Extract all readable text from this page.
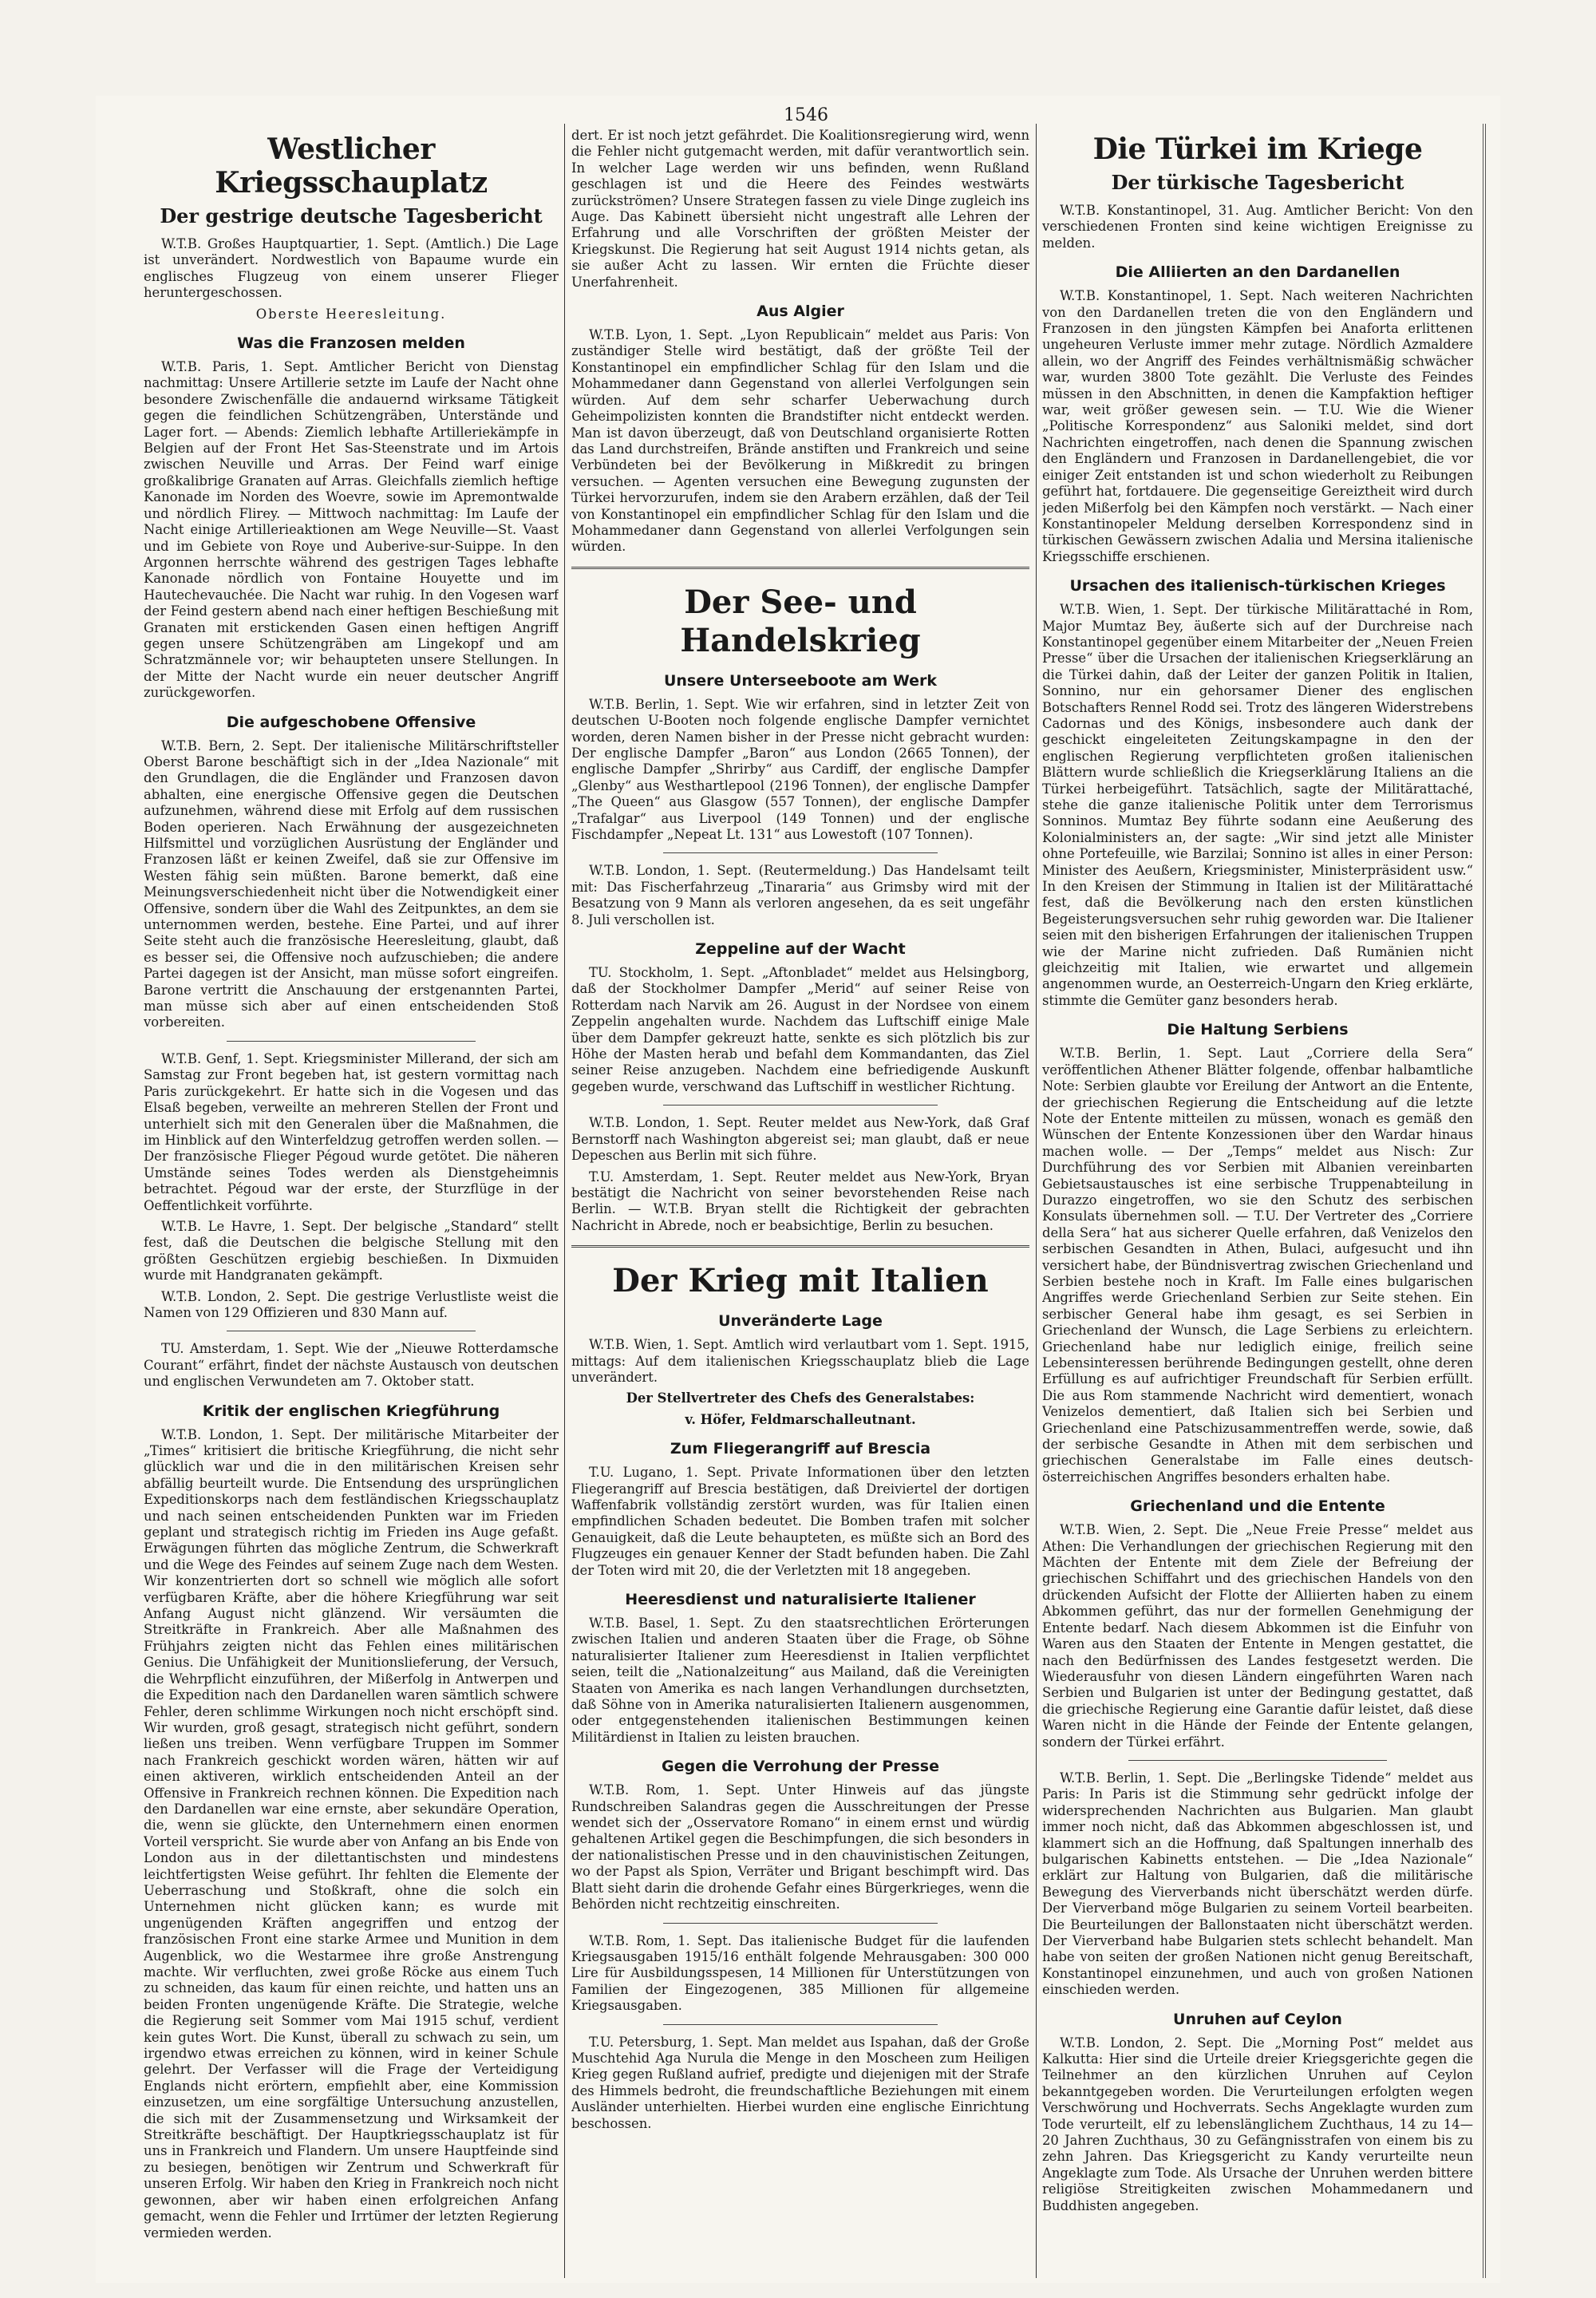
1546
Westlicher Kriegsschauplatz
Der gestrige deutsche Tagesbericht

W.T.B. Großes Hauptquartier, 1. Sept. (Amtlich.) Die Lage ist unverändert. Nordwestlich von Bapaume wurde ein englisches Flugzeug von einem unserer Flieger heruntergeschossen.

Oberste Heeresleitung.

Was die Franzosen melden

W.T.B. Paris, 1. Sept. Amtlicher Bericht von Dienstag nachmittag: Unsere Artillerie setzte im Laufe der Nacht ohne besondere Zwischenfälle die andauernd wirksame Tätigkeit gegen die feindlichen Schützengräben, Unterstände und Lager fort. — Abends: Ziemlich lebhafte Artilleriekämpfe in Belgien auf der Front Het Sas-Steenstrate und im Artois zwischen Neuville und Arras. Der Feind warf einige großkalibrige Granaten auf Arras. Gleichfalls ziemlich heftige Kanonade im Norden des Woevre, sowie im Apremontwalde und nördlich Flirey. — Mittwoch nachmittag: Im Laufe der Nacht einige Artillerieaktionen am Wege Neuville—St. Vaast und im Gebiete von Roye und Auberive-sur-Suippe. In den Argonnen herrschte während des gestrigen Tages lebhafte Kanonade nördlich von Fontaine Houyette und im Hautechevauchée. Die Nacht war ruhig. In den Vogesen warf der Feind gestern abend nach einer heftigen Beschießung mit Granaten mit erstickenden Gasen einen heftigen Angriff gegen unsere Schützengräben am Lingekopf und am Schratzmännele vor; wir behaupteten unsere Stellungen. In der Mitte der Nacht wurde ein neuer deutscher Angriff zurückgeworfen.

Die aufgeschobene Offensive

W.T.B. Bern, 2. Sept. Der italienische Militärschriftsteller Oberst Barone beschäftigt sich in der „Idea Nazionale“ mit den Grundlagen, die die Engländer und Franzosen davon abhalten, eine energische Offensive gegen die Deutschen aufzunehmen, während diese mit Erfolg auf dem russischen Boden operieren. Nach Erwähnung der ausgezeichneten Hilfsmittel und vorzüglichen Ausrüstung der Engländer und Franzosen läßt er keinen Zweifel, daß sie zur Offensive im Westen fähig sein müßten. Barone bemerkt, daß eine Meinungsverschiedenheit nicht über die Notwendigkeit einer Offensive, sondern über die Wahl des Zeitpunktes, an dem sie unternommen werden, bestehe. Eine Partei, und auf ihrer Seite steht auch die französische Heeresleitung, glaubt, daß es besser sei, die Offensive noch aufzuschieben; die andere Partei dagegen ist der Ansicht, man müsse sofort eingreifen. Barone vertritt die Anschauung der erstgenannten Partei, man müsse sich aber auf einen entscheidenden Stoß vorbereiten.

W.T.B. Genf, 1. Sept. Kriegsminister Millerand, der sich am Samstag zur Front begeben hat, ist gestern vormittag nach Paris zurückgekehrt. Er hatte sich in die Vogesen und das Elsaß begeben, verweilte an mehreren Stellen der Front und unterhielt sich mit den Generalen über die Maßnahmen, die im Hinblick auf den Winterfeldzug getroffen werden sollen. — Der französische Flieger Pégoud wurde getötet. Die näheren Umstände seines Todes werden als Dienstgeheimnis betrachtet. Pégoud war der erste, der Sturzflüge in der Oeffentlichkeit vorführte.

W.T.B. Le Havre, 1. Sept. Der belgische „Standard“ stellt fest, daß die Deutschen die belgische Stellung mit den größten Geschützen ergiebig beschießen. In Dixmuiden wurde mit Handgranaten gekämpft.

W.T.B. London, 2. Sept. Die gestrige Verlustliste weist die Namen von 129 Offizieren und 830 Mann auf.

TU. Amsterdam, 1. Sept. Wie der „Nieuwe Rotterdamsche Courant“ erfährt, findet der nächste Austausch von deutschen und englischen Verwundeten am 7. Oktober statt.

Kritik der englischen Kriegführung

W.T.B. London, 1. Sept. Der militärische Mitarbeiter der „Times“ kritisiert die britische Kriegführung, die nicht sehr glücklich war und die in den militärischen Kreisen sehr abfällig beurteilt wurde. Die Entsendung des ursprünglichen Expeditionskorps nach dem festländischen Kriegsschauplatz und nach seinen entscheidenden Punkten war im Frieden geplant und strategisch richtig im Frieden ins Auge gefaßt. Erwägungen führten das mögliche Zentrum, die Schwerkraft und die Wege des Feindes auf seinem Zuge nach dem Westen. Wir konzentrierten dort so schnell wie möglich alle sofort verfügbaren Kräfte, aber die höhere Kriegführung war seit Anfang August nicht glänzend. Wir versäumten die Streitkräfte in Frankreich. Aber alle Maßnahmen des Frühjahrs zeigten nicht das Fehlen eines militärischen Genius. Die Unfähigkeit der Munitionslieferung, der Versuch, die Wehrpflicht einzuführen, der Mißerfolg in Antwerpen und die Expedition nach den Dardanellen waren sämtlich schwere Fehler, deren schlimme Wirkungen noch nicht erschöpft sind. Wir wurden, groß gesagt, strategisch nicht geführt, sondern ließen uns treiben. Wenn verfügbare Truppen im Sommer nach Frankreich geschickt worden wären, hätten wir auf einen aktiveren, wirklich entscheidenden Anteil an der Offensive in Frankreich rechnen können. Die Expedition nach den Dardanellen war eine ernste, aber sekundäre Operation, die, wenn sie glückte, den Unternehmern einen enormen Vorteil verspricht. Sie wurde aber von Anfang an bis Ende von London aus in der dilettantischsten und mindestens leichtfertigsten Weise geführt. Ihr fehlten die Elemente der Ueberraschung und Stoßkraft, ohne die solch ein Unternehmen nicht glücken kann; es wurde mit ungenügenden Kräften angegriffen und entzog der französischen Front eine starke Armee und Munition in dem Augenblick, wo die Westarmee ihre große Anstrengung machte. Wir verfluchten, zwei große Röcke aus einem Tuch zu schneiden, das kaum für einen reichte, und hatten uns an beiden Fronten ungenügende Kräfte. Die Strategie, welche die Regierung seit Sommer vom Mai 1915 schuf, verdient kein gutes Wort. Die Kunst, überall zu schwach zu sein, um irgendwo etwas erreichen zu können, wird in keiner Schule gelehrt. Der Verfasser will die Frage der Verteidigung Englands nicht erörtern, empfiehlt aber, eine Kommission einzusetzen, um eine sorgfältige Untersuchung anzustellen, die sich mit der Zusammensetzung und Wirksamkeit der Streitkräfte beschäftigt. Der Hauptkriegsschauplatz ist für uns in Frankreich und Flandern. Um unsere Hauptfeinde sind zu besiegen, benötigen wir Zentrum und Schwerkraft für unseren Erfolg. Wir haben den Krieg in Frankreich noch nicht gewonnen, aber wir haben einen erfolgreichen Anfang gemacht, wenn die Fehler und Irrtümer der letzten Regierung vermieden werden.

dert. Er ist noch jetzt gefährdet. Die Koalitionsregierung wird, wenn die Fehler nicht gutgemacht werden, mit dafür verantwortlich sein. In welcher Lage werden wir uns befinden, wenn Rußland geschlagen ist und die Heere des Feindes westwärts zurückströmen? Unsere Strategen fassen zu viele Dinge zugleich ins Auge. Das Kabinett übersieht nicht ungestraft alle Lehren der Erfahrung und alle Vorschriften der größten Meister der Kriegskunst. Die Regierung hat seit August 1914 nichts getan, als sie außer Acht zu lassen. Wir ernten die Früchte dieser Unerfahrenheit.

Aus Algier

W.T.B. Lyon, 1. Sept. „Lyon Republicain“ meldet aus Paris: Von zuständiger Stelle wird bestätigt, daß der größte Teil der Konstantinopel ein empfindlicher Schlag für den Islam und die Mohammedaner dann Gegenstand von allerlei Verfolgungen sein würden. Auf dem sehr scharfer Ueberwachung durch Geheimpolizisten konnten die Brandstifter nicht entdeckt werden. Man ist davon überzeugt, daß von Deutschland organisierte Rotten das Land durchstreifen, Brände anstiften und Frankreich und seine Verbündeten bei der Bevölkerung in Mißkredit zu bringen versuchen. — Agenten versuchen eine Bewegung zugunsten der Türkei hervorzurufen, indem sie den Arabern erzählen, daß der Teil von Konstantinopel ein empfindlicher Schlag für den Islam und die Mohammedaner dann Gegenstand von allerlei Verfolgungen sein würden.

Der See- und Handelskrieg
Unsere Unterseeboote am Werk

W.T.B. Berlin, 1. Sept. Wie wir erfahren, sind in letzter Zeit von deutschen U-Booten noch folgende englische Dampfer vernichtet worden, deren Namen bisher in der Presse nicht gebracht wurden: Der englische Dampfer „Baron“ aus London (2665 Tonnen), der englische Dampfer „Shrirby“ aus Cardiff, der englische Dampfer „Glenby“ aus Westhartlepool (2196 Tonnen), der englische Dampfer „The Queen“ aus Glasgow (557 Tonnen), der englische Dampfer „Trafalgar“ aus Liverpool (149 Tonnen) und der englische Fischdampfer „Nepeat Lt. 131“ aus Lowestoft (107 Tonnen).

W.T.B. London, 1. Sept. (Reutermeldung.) Das Handelsamt teilt mit: Das Fischerfahrzeug „Tinararia“ aus Grimsby wird mit der Besatzung von 9 Mann als verloren angesehen, da es seit ungefähr 8. Juli verschollen ist.

Zeppeline auf der Wacht

TU. Stockholm, 1. Sept. „Aftonbladet“ meldet aus Helsingborg, daß der Stockholmer Dampfer „Merid“ auf seiner Reise von Rotterdam nach Narvik am 26. August in der Nordsee von einem Zeppelin angehalten wurde. Nachdem das Luftschiff einige Male über dem Dampfer gekreuzt hatte, senkte es sich plötzlich bis zur Höhe der Masten herab und befahl dem Kommandanten, das Ziel seiner Reise anzugeben. Nachdem eine befriedigende Auskunft gegeben wurde, verschwand das Luftschiff in westlicher Richtung.

W.T.B. London, 1. Sept. Reuter meldet aus New-York, daß Graf Bernstorff nach Washington abgereist sei; man glaubt, daß er neue Depeschen aus Berlin mit sich führe.

T.U. Amsterdam, 1. Sept. Reuter meldet aus New-York, Bryan bestätigt die Nachricht von seiner bevorstehenden Reise nach Berlin. — W.T.B. Bryan stellt die Richtigkeit der gebrachten Nachricht in Abrede, noch er beabsichtige, Berlin zu besuchen.

Der Krieg mit Italien
Unveränderte Lage

W.T.B. Wien, 1. Sept. Amtlich wird verlautbart vom 1. Sept. 1915, mittags: Auf dem italienischen Kriegsschauplatz blieb die Lage unverändert.

Der Stellvertreter des Chefs des Generalstabes:

v. Höfer, Feldmarschalleutnant.

Zum Fliegerangriff auf Brescia

T.U. Lugano, 1. Sept. Private Informationen über den letzten Fliegerangriff auf Brescia bestätigen, daß Dreiviertel der dortigen Waffenfabrik vollständig zerstört wurden, was für Italien einen empfindlichen Schaden bedeutet. Die Bomben trafen mit solcher Genauigkeit, daß die Leute behaupteten, es müßte sich an Bord des Flugzeuges ein genauer Kenner der Stadt befunden haben. Die Zahl der Toten wird mit 20, die der Verletzten mit 18 angegeben.

Heeresdienst und naturalisierte Italiener

W.T.B. Basel, 1. Sept. Zu den staatsrechtlichen Erörterungen zwischen Italien und anderen Staaten über die Frage, ob Söhne naturalisierter Italiener zum Heeresdienst in Italien verpflichtet seien, teilt die „Nationalzeitung“ aus Mailand, daß die Vereinigten Staaten von Amerika es nach langen Verhandlungen durchsetzten, daß Söhne von in Amerika naturalisierten Italienern ausgenommen, oder entgegenstehenden italienischen Bestimmungen keinen Militärdienst in Italien zu leisten brauchen.

Gegen die Verrohung der Presse

W.T.B. Rom, 1. Sept. Unter Hinweis auf das jüngste Rundschreiben Salandras gegen die Ausschreitungen der Presse wendet sich der „Osservatore Romano“ in einem ernst und würdig gehaltenen Artikel gegen die Beschimpfungen, die sich besonders in der nationalistischen Presse und in den chauvinistischen Zeitungen, wo der Papst als Spion, Verräter und Brigant beschimpft wird. Das Blatt sieht darin die drohende Gefahr eines Bürgerkrieges, wenn die Behörden nicht rechtzeitig einschreiten.

W.T.B. Rom, 1. Sept. Das italienische Budget für die laufenden Kriegsausgaben 1915/16 enthält folgende Mehrausgaben: 300 000 Lire für Ausbildungsspesen, 14 Millionen für Unterstützungen von Familien der Eingezogenen, 385 Millionen für allgemeine Kriegsausgaben.

T.U. Petersburg, 1. Sept. Man meldet aus Ispahan, daß der Große Muschtehid Aga Nurula die Menge in den Moscheen zum Heiligen Krieg gegen Rußland aufrief, predigte und diejenigen mit der Strafe des Himmels bedroht, die freundschaftliche Beziehungen mit einem Ausländer unterhielten. Hierbei wurden eine englische Einrichtung beschossen.

Die Türkei im Kriege
Der türkische Tagesbericht

W.T.B. Konstantinopel, 31. Aug. Amtlicher Bericht: Von den verschiedenen Fronten sind keine wichtigen Ereignisse zu melden.

Die Alliierten an den Dardanellen

W.T.B. Konstantinopel, 1. Sept. Nach weiteren Nachrichten von den Dardanellen treten die von den Engländern und Franzosen in den jüngsten Kämpfen bei Anaforta erlittenen ungeheuren Verluste immer mehr zutage. Nördlich Azmaldere allein, wo der Angriff des Feindes verhältnismäßig schwächer war, wurden 3800 Tote gezählt. Die Verluste des Feindes müssen in den Abschnitten, in denen die Kampfaktion heftiger war, weit größer gewesen sein. — T.U. Wie die Wiener „Politische Korrespondenz“ aus Saloniki meldet, sind dort Nachrichten eingetroffen, nach denen die Spannung zwischen den Engländern und Franzosen in Dardanellengebiet, die vor einiger Zeit entstanden ist und schon wiederholt zu Reibungen geführt hat, fortdauere. Die gegenseitige Gereiztheit wird durch jeden Mißerfolg bei den Kämpfen noch verstärkt. — Nach einer Konstantinopeler Meldung derselben Korrespondenz sind in türkischen Gewässern zwischen Adalia und Mersina italienische Kriegsschiffe erschienen.

Ursachen des italienisch-türkischen Krieges

W.T.B. Wien, 1. Sept. Der türkische Militärattaché in Rom, Major Mumtaz Bey, äußerte sich auf der Durchreise nach Konstantinopel gegenüber einem Mitarbeiter der „Neuen Freien Presse“ über die Ursachen der italienischen Kriegserklärung an die Türkei dahin, daß der Leiter der ganzen Politik in Italien, Sonnino, nur ein gehorsamer Diener des englischen Botschafters Rennel Rodd sei. Trotz des längeren Widerstrebens Cadornas und des Königs, insbesondere auch dank der geschickt eingeleiteten Zeitungskampagne in den der englischen Regierung verpflichteten großen italienischen Blättern wurde schließlich die Kriegserklärung Italiens an die Türkei herbeigeführt. Tatsächlich, sagte der Militärattaché, stehe die ganze italienische Politik unter dem Terrorismus Sonninos. Mumtaz Bey führte sodann eine Aeußerung des Kolonialministers an, der sagte: „Wir sind jetzt alle Minister ohne Portefeuille, wie Barzilai; Sonnino ist alles in einer Person: Minister des Aeußern, Kriegsminister, Ministerpräsident usw.“ In den Kreisen der Stimmung in Italien ist der Militärattaché fest, daß die Bevölkerung nach den ersten künstlichen Begeisterungsversuchen sehr ruhig geworden war. Die Italiener seien mit den bisherigen Erfahrungen der italienischen Truppen wie der Marine nicht zufrieden. Daß Rumänien nicht gleichzeitig mit Italien, wie erwartet und allgemein angenommen wurde, an Oesterreich-Ungarn den Krieg erklärte, stimmte die Gemüter ganz besonders herab.

Die Haltung Serbiens

W.T.B. Berlin, 1. Sept. Laut „Corriere della Sera“ veröffentlichen Athener Blätter folgende, offenbar halbamtliche Note: Serbien glaubte vor Ereilung der Antwort an die Entente, der griechischen Regierung die Entscheidung auf die letzte Note der Entente mitteilen zu müssen, wonach es gemäß den Wünschen der Entente Konzessionen über den Wardar hinaus machen wolle. — Der „Temps“ meldet aus Nisch: Zur Durchführung des vor Serbien mit Albanien vereinbarten Gebietsaustausches ist eine serbische Truppenabteilung in Durazzo eingetroffen, wo sie den Schutz des serbischen Konsulats übernehmen soll. — T.U. Der Vertreter des „Corriere della Sera“ hat aus sicherer Quelle erfahren, daß Venizelos den serbischen Gesandten in Athen, Bulaci, aufgesucht und ihn versichert habe, der Bündnisvertrag zwischen Griechenland und Serbien bestehe noch in Kraft. Im Falle eines bulgarischen Angriffes werde Griechenland Serbien zur Seite stehen. Ein serbischer General habe ihm gesagt, es sei Serbien in Griechenland der Wunsch, die Lage Serbiens zu erleichtern. Griechenland habe nur lediglich einige, freilich seine Lebensinteressen berührende Bedingungen gestellt, ohne deren Erfüllung es auf aufrichtiger Freundschaft für Serbien erfüllt. Die aus Rom stammende Nachricht wird dementiert, wonach Venizelos dementiert, daß Italien sich bei Serbien und Griechenland eine Patschizusammentreffen werde, sowie, daß der serbische Gesandte in Athen mit dem serbischen und griechischen Generalstabe im Falle eines deutsch-österreichischen Angriffes besonders erhalten habe.

Griechenland und die Entente

W.T.B. Wien, 2. Sept. Die „Neue Freie Presse“ meldet aus Athen: Die Verhandlungen der griechischen Regierung mit den Mächten der Entente mit dem Ziele der Befreiung der griechischen Schiffahrt und des griechischen Handels von den drückenden Aufsicht der Flotte der Alliierten haben zu einem Abkommen geführt, das nur der formellen Genehmigung der Entente bedarf. Nach diesem Abkommen ist die Einfuhr von Waren aus den Staaten der Entente in Mengen gestattet, die nach den Bedürfnissen des Landes festgesetzt werden. Die Wiederausfuhr von diesen Ländern eingeführten Waren nach Serbien und Bulgarien ist unter der Bedingung gestattet, daß die griechische Regierung eine Garantie dafür leistet, daß diese Waren nicht in die Hände der Feinde der Entente gelangen, sondern der Türkei erfährt.

W.T.B. Berlin, 1. Sept. Die „Berlingske Tidende“ meldet aus Paris: In Paris ist die Stimmung sehr gedrückt infolge der widersprechenden Nachrichten aus Bulgarien. Man glaubt immer noch nicht, daß das Abkommen abgeschlossen ist, und klammert sich an die Hoffnung, daß Spaltungen innerhalb des bulgarischen Kabinetts entstehen. — Die „Idea Nazionale“ erklärt zur Haltung von Bulgarien, daß die militärische Bewegung des Vierverbands nicht überschätzt werden dürfe. Der Vierverband möge Bulgarien zu seinem Vorteil bearbeiten. Die Beurteilungen der Ballonstaaten nicht überschätzt werden. Der Vierverband habe Bulgarien stets schlecht behandelt. Man habe von seiten der großen Nationen nicht genug Bereitschaft, Konstantinopel einzunehmen, und auch von großen Nationen einschieden werden.

Unruhen auf Ceylon

W.T.B. London, 2. Sept. Die „Morning Post“ meldet aus Kalkutta: Hier sind die Urteile dreier Kriegsgerichte gegen die Teilnehmer an den kürzlichen Unruhen auf Ceylon bekanntgegeben worden. Die Verurteilungen erfolgten wegen Verschwörung und Hochverrats. Sechs Angeklagte wurden zum Tode verurteilt, elf zu lebenslänglichem Zuchthaus, 14 zu 14—20 Jahren Zuchthaus, 30 zu Gefängnisstrafen von einem bis zu zehn Jahren. Das Kriegsgericht zu Kandy verurteilte neun Angeklagte zum Tode. Als Ursache der Unruhen werden bittere religiöse Streitigkeiten zwischen Mohammedanern und Buddhisten angegeben.
